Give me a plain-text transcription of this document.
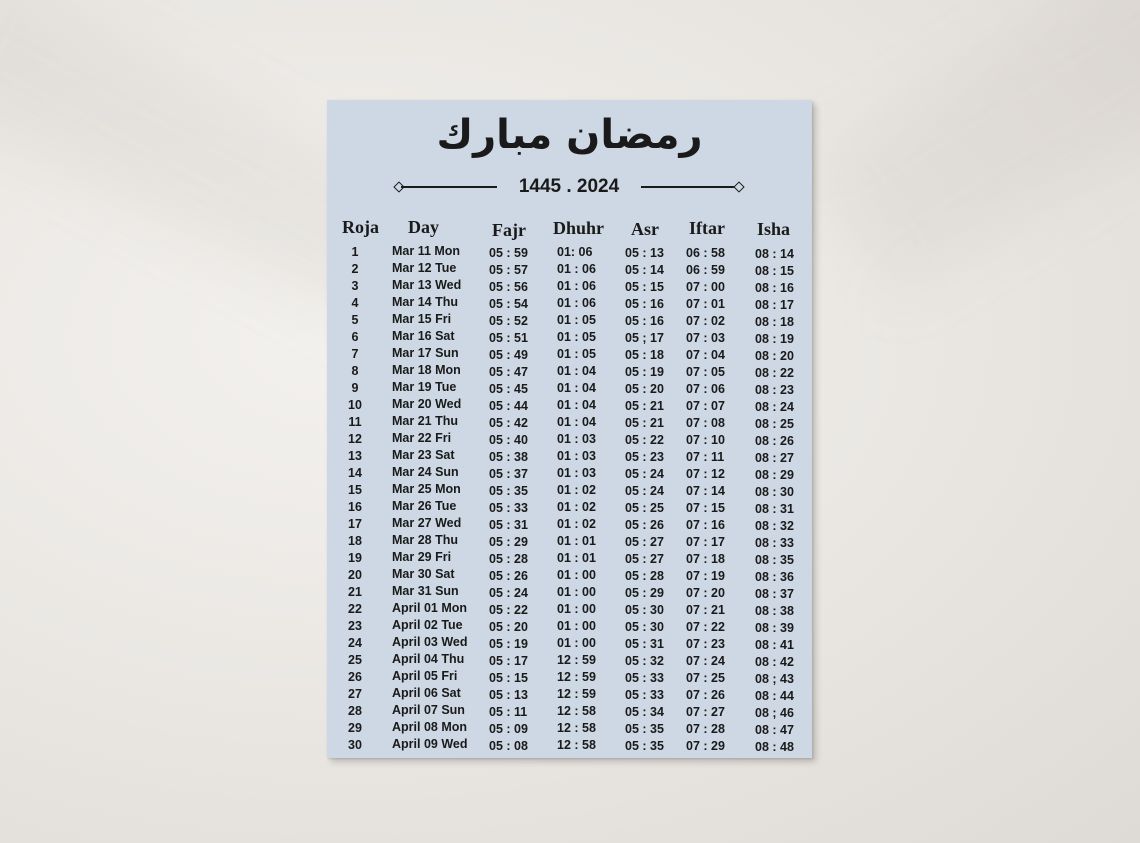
رمضان مبارك
1445 . 2024
Roja Day	Fajr Dhuhr Asr Iftar Isha
1
2
3
4
5
6
7
8
9
10
11
12
13
14
15
16
17
18
19
20
21
22
23
24
25
26
27
28
29
30
Mar 11 Mon
Mar 12 Tue
Mar 13 Wed
Mar 14 Thu
Mar 15 Fri
Mar 16 Sat
Mar 17 Sun
Mar 18 Mon
Mar 19 Tue
Mar 20 Wed
Mar 21 Thu
Mar 22 Fri
Mar 23 Sat
Mar 24 Sun
Mar 25 Mon
Mar 26 Tue
Mar 27 Wed
Mar 28 Thu
Mar 29 Fri
Mar 30 Sat
Mar 31 Sun
April 01 Mon
April 02 Tue
April 03 Wed
April 04 Thu
April 05 Fri
April 06 Sat
April 07 Sun
April 08 Mon
April 09 Wed
05 : 59
05 : 57
05 : 56
05 : 54
05 : 52
05 : 51
05 : 49
05 : 47
05 : 45
05 : 44
05 : 42
05 : 40
05 : 38
05 : 37
05 : 35
05 : 33
05 : 31
05 : 29
05 : 28
05 : 26
05 : 24
05 : 22
05 : 20
05 : 19
05 : 17
05 : 15
05 : 13
05 : 11
05 : 09
05 : 08
01: 06
01 : 06
01 : 06
01 : 06
01 : 05
01 : 05
01 : 05
01 : 04
01 : 04
01 : 04
01 : 04
01 : 03
01 : 03
01 : 03
01 : 02
01 : 02
01 : 02
01 : 01
01 : 01
01 : 00
01 : 00
01 : 00
01 : 00
01 : 00
12 : 59
12 : 59
12 : 59
12 : 58
12 : 58
12 : 58
05 : 13
05 : 14
05 : 15
05 : 16
05 : 16
05 ; 17
05 : 18
05 : 19
05 : 20
05 : 21
05 : 21
05 : 22
05 : 23
05 : 24
05 : 24
05 : 25
05 : 26
05 : 27
05 : 27
05 : 28
05 : 29
05 : 30
05 : 30
05 : 31
05 : 32
05 : 33
05 : 33
05 : 34
05 : 35
05 : 35
06 : 58
06 : 59
07 : 00
07 : 01
07 : 02
07 : 03
07 : 04
07 : 05
07 : 06
07 : 07
07 : 08
07 : 10
07 : 11
07 : 12
07 : 14
07 : 15
07 : 16
07 : 17
07 : 18
07 : 19
07 : 20
07 : 21
07 : 22
07 : 23
07 : 24
07 : 25
07 : 26
07 : 27
07 : 28
07 : 29
08 : 14
08 : 15
08 : 16
08 : 17
08 : 18
08 : 19
08 : 20
08 : 22
08 : 23
08 : 24
08 : 25
08 : 26
08 : 27
08 : 29
08 : 30
08 : 31
08 : 32
08 : 33
08 : 35
08 : 36
08 : 37
08 : 38
08 : 39
08 : 41
08 : 42
08 ; 43
08 : 44
08 ; 46
08 : 47
08 : 48
